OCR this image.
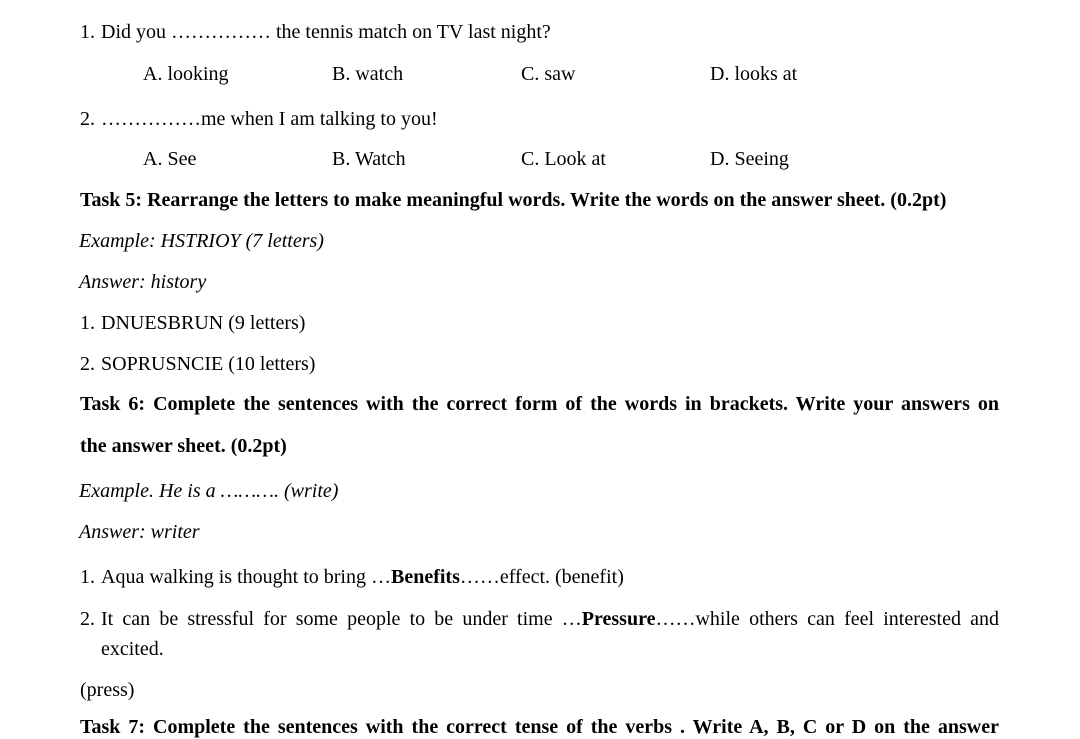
1. Did you …………… the tennis match on TV last night?
A. looking	B. watch	C. saw	D. looks at
2. ……………me when I am talking to you!
A. See	B. Watch	C. Look at	D. Seeing
Task 5: Rearrange the letters to make meaningful words. Write the words on the answer sheet. (0.2pt)
Example: HSTRIOY (7 letters)
Answer: history
1. DNUESBRUN (9 letters)
2. SOPRUSNCIE (10 letters)
Task 6: Complete the sentences with the correct form of the words in brackets. Write your answers on
the answer sheet. (0.2pt)
Example. He is a ………. (write)
Answer: writer
1. Aqua walking is thought to bring …Benefits……effect. (benefit)
2. It can be stressful for some people to be under time …Pressure……while others can feel interested and
excited.
(press)
Task 7: Complete the sentences with the correct tense of the verbs . Write A, B, C or D on the answer
